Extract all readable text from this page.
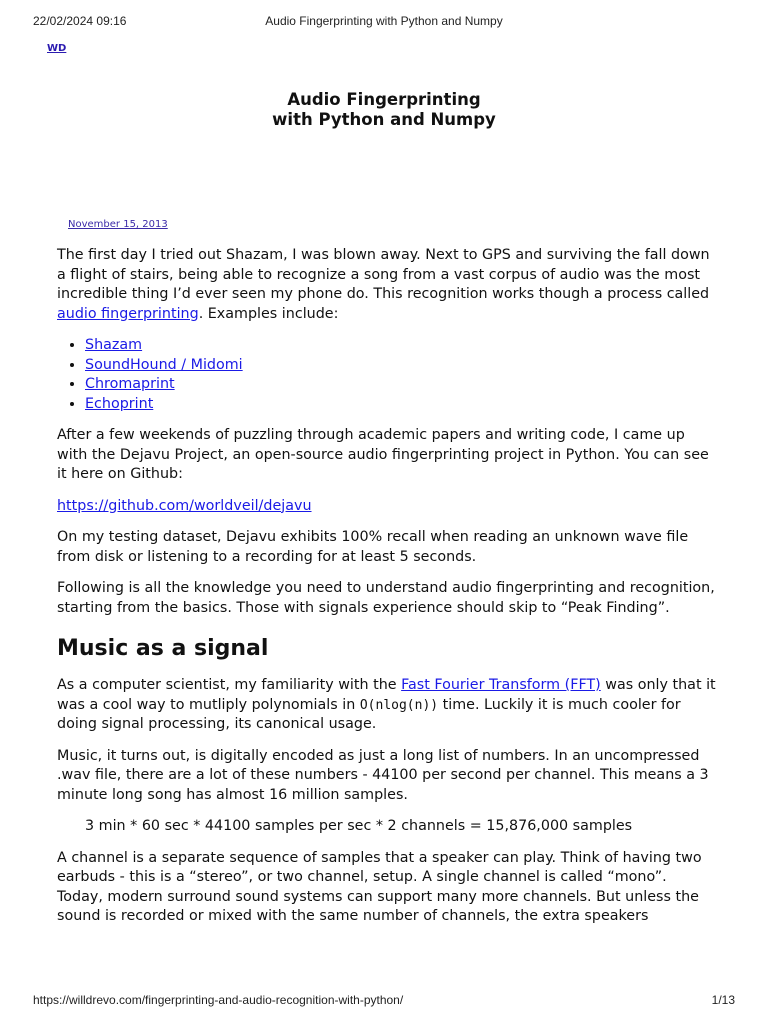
22/02/2024 09:16	Audio Fingerprinting with Python and Numpy
WD
Audio Fingerprinting
with Python and Numpy
November 15, 2013

The first day I tried out Shazam, I was blown away. Next to GPS and surviving the fall down a flight of stairs, being able to recognize a song from a vast corpus of audio was the most incredible thing I’d ever seen my phone do. This recognition works though a process called audio fingerprinting. Examples include:

• Shazam
• SoundHound / Midomi
• Chromaprint
• Echoprint

After a few weekends of puzzling through academic papers and writing code, I came up with the Dejavu Project, an open-source audio fingerprinting project in Python. You can see it here on Github:

https://github.com/worldveil/dejavu

On my testing dataset, Dejavu exhibits 100% recall when reading an unknown wave file from disk or listening to a recording for at least 5 seconds.

Following is all the knowledge you need to understand audio fingerprinting and recognition, starting from the basics. Those with signals experience should skip to “Peak Finding”.

Music as a signal

As a computer scientist, my familiarity with the Fast Fourier Transform (FFT) was only that it was a cool way to mutliply polynomials in O(nlog(n)) time. Luckily it is much cooler for doing signal processing, its canonical usage.

Music, it turns out, is digitally encoded as just a long list of numbers. In an uncompressed .wav file, there are a lot of these numbers - 44100 per second per channel. This means a 3 minute long song has almost 16 million samples.

3 min * 60 sec * 44100 samples per sec * 2 channels = 15,876,000 samples

A channel is a separate sequence of samples that a speaker can play. Think of having two earbuds - this is a “stereo”, or two channel, setup. A single channel is called “mono”. Today, modern surround sound systems can support many more channels. But unless the sound is recorded or mixed with the same number of channels, the extra speakers

https://willdrevo.com/fingerprinting-and-audio-recognition-with-python/	1/13
